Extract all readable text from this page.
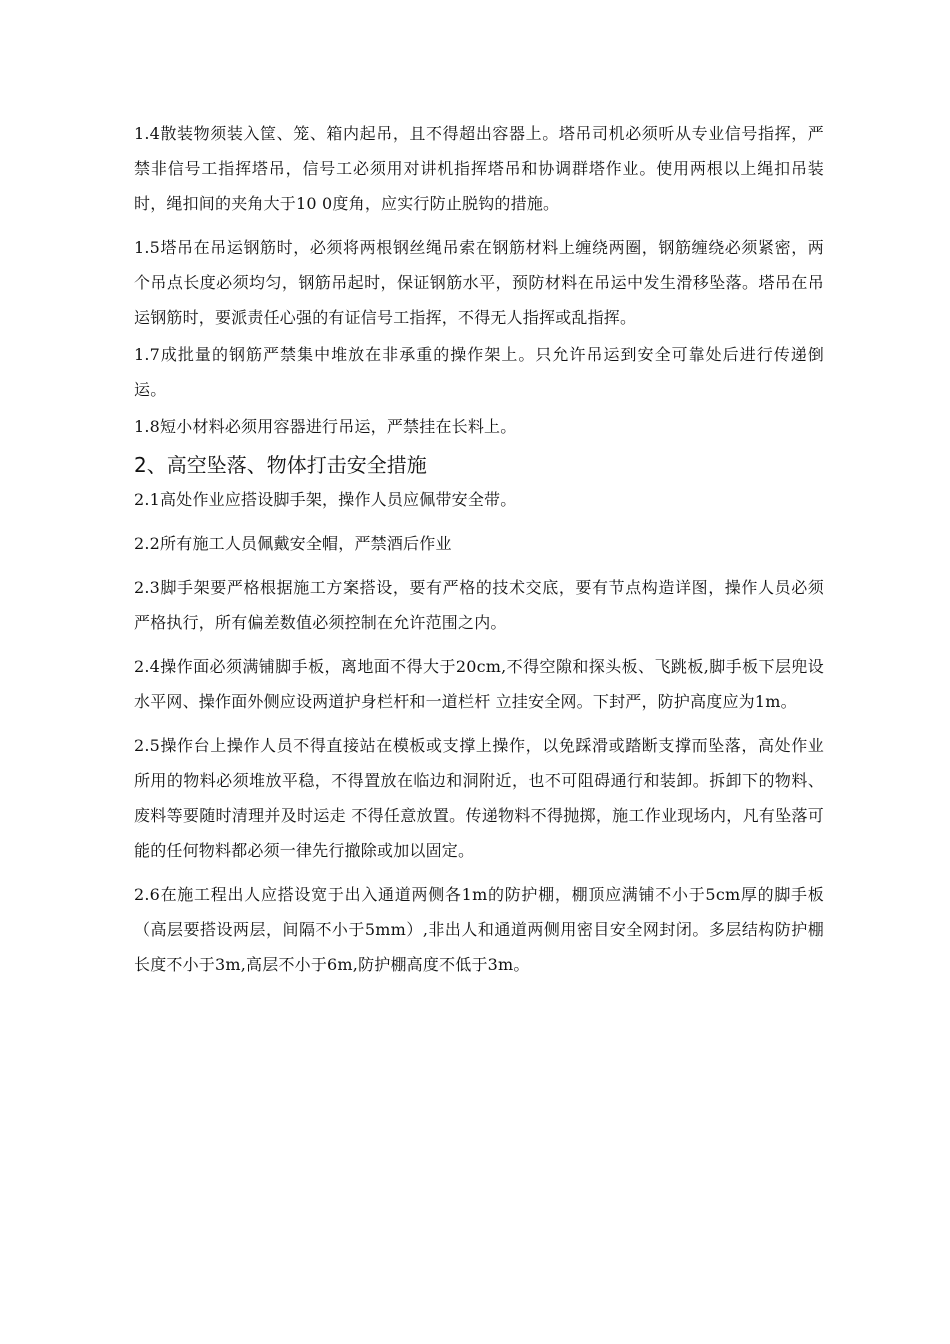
1.4散装物须装入筐、笼、箱内起吊，且不得超出容器上。塔吊司机必须听从专业信号指挥，严禁非信号工指挥塔吊，信号工必须用对讲机指挥塔吊和协调群塔作业。使用两根以上绳扣吊装时，绳扣间的夹角大于10 0度角，应实行防止脱钩的措施。

1.5塔吊在吊运钢筋时，必须将两根钢丝绳吊索在钢筋材料上缠绕两圈，钢筋缠绕必须紧密，两个吊点长度必须均匀，钢筋吊起时，保证钢筋水平，预防材料在吊运中发生滑移坠落。塔吊在吊运钢筋时，要派责任心强的有证信号工指挥，不得无人指挥或乱指挥。

1.7成批量的钢筋严禁集中堆放在非承重的操作架上。只允许吊运到安全可靠处后进行传递倒运。

1.8短小材料必须用容器进行吊运，严禁挂在长料上。

2、高空坠落、物体打击安全措施

2.1高处作业应搭设脚手架，操作人员应佩带安全带。

2.2所有施工人员佩戴安全帽，严禁酒后作业

2.3脚手架要严格根据施工方案搭设，要有严格的技术交底，要有节点构造详图，操作人员必须严格执行，所有偏差数值必须控制在允许范围之内。

2.4操作面必须满铺脚手板，离地面不得大于20cm,不得空隙和探头板、飞跳板,脚手板下层兜设水平网、操作面外侧应设两道护身栏杆和一道栏杆 立挂安全网。下封严，防护高度应为1m。

2.5操作台上操作人员不得直接站在模板或支撑上操作，以免踩滑或踏断支撑而坠落，高处作业所用的物料必须堆放平稳，不得置放在临边和洞附近，也不可阻碍通行和装卸。拆卸下的物料、废料等要随时清理并及时运走 不得任意放置。传递物料不得抛掷，施工作业现场内，凡有坠落可能的任何物料都必须一律先行撤除或加以固定。

2.6在施工程出人应搭设宽于出入通道两侧各1m的防护棚，棚顶应满铺不小于5cm厚的脚手板（高层要搭设两层，间隔不小于5mm）,非出人和通道两侧用密目安全网封闭。多层结构防护棚长度不小于3m,高层不小于6m,防护棚高度不低于3m。
